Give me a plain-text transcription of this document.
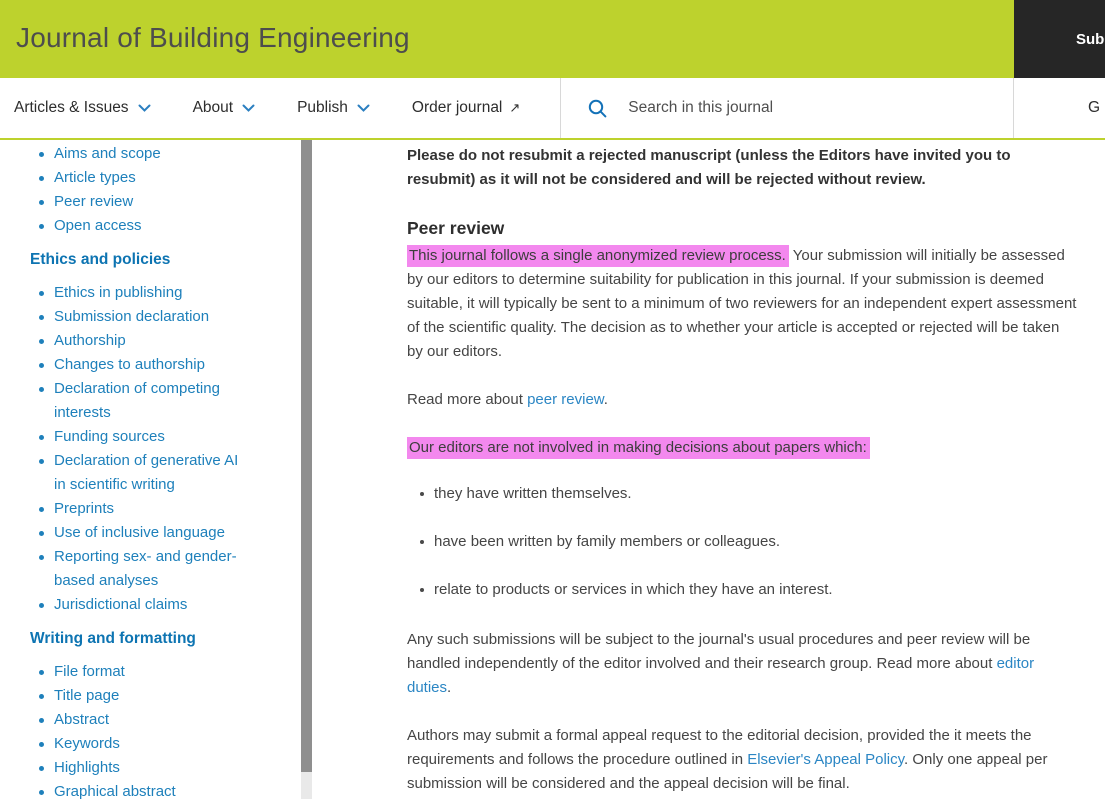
Journal of Building Engineering	Sub
Articles & Issues	About	Publish	Order journal ↗
Search in this journal	G
Aims and scope
Article types
Peer review
Open access
Ethics and policies
Ethics in publishing
Submission declaration
Authorship
Changes to authorship
Declaration of competing interests
Funding sources
Declaration of generative AI in scientific writing
Preprints
Use of inclusive language
Reporting sex- and gender-based analyses
Jurisdictional claims
Writing and formatting
File format
Title page
Abstract
Keywords
Highlights
Graphical abstract

Please do not resubmit a rejected manuscript (unless the Editors have invited you to resubmit) as it will not be considered and will be rejected without review.

Peer review

This journal follows a single anonymized review process. Your submission will initially be assessed by our editors to determine suitability for publication in this journal. If your submission is deemed suitable, it will typically be sent to a minimum of two reviewers for an independent expert assessment of the scientific quality. The decision as to whether your article is accepted or rejected will be taken by our editors.

Read more about peer review.

Our editors are not involved in making decisions about papers which:

they have written themselves.
have been written by family members or colleagues.
relate to products or services in which they have an interest.

Any such submissions will be subject to the journal's usual procedures and peer review will be handled independently of the editor involved and their research group. Read more about editor duties.

Authors may submit a formal appeal request to the editorial decision, provided the it meets the requirements and follows the procedure outlined in Elsevier's Appeal Policy. Only one appeal per submission will be considered and the appeal decision will be final.
